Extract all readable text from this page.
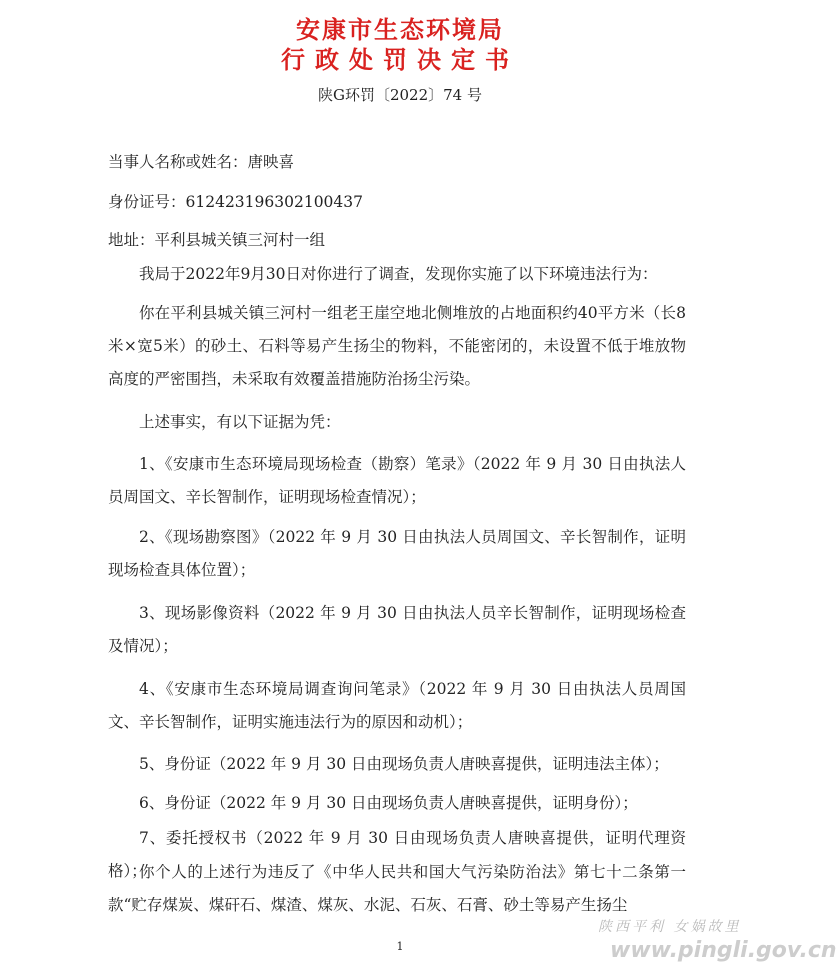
安康市生态环境局
行政处罚决定书
陕G环罚〔2022〕74 号
当事人名称或姓名：唐映喜
身份证号：612423196302100437
地址：平利县城关镇三河村一组
我局于2022年9月30日对你进行了调查，发现你实施了以下环境违法行为：
你在平利县城关镇三河村一组老王崖空地北侧堆放的占地面积约40平方米（长8米×宽5米）的砂土、石料等易产生扬尘的物料，不能密闭的，未设置不低于堆放物高度的严密围挡，未采取有效覆盖措施防治扬尘污染。
上述事实，有以下证据为凭：
1、《安康市生态环境局现场检查（勘察）笔录》（2022 年 9 月 30 日由执法人员周国文、辛长智制作，证明现场检查情况）；
2、《现场勘察图》（2022 年 9 月 30 日由执法人员周国文、辛长智制作，证明现场检查具体位置）；
3、现场影像资料（2022 年 9 月 30 日由执法人员辛长智制作，证明现场检查及情况）；
4、《安康市生态环境局调查询问笔录》（2022 年 9 月 30 日由执法人员周国文、辛长智制作，证明实施违法行为的原因和动机）；
5、身份证（2022 年 9 月 30 日由现场负责人唐映喜提供，证明违法主体）；
6、身份证（2022 年 9 月 30 日由现场负责人唐映喜提供，证明身份）；
7、委托授权书（2022 年 9 月 30 日由现场负责人唐映喜提供，证明代理资格）；
你个人的上述行为违反了《中华人民共和国大气污染防治法》第七十二条第一款“贮存煤炭、煤矸石、煤渣、煤灰、水泥、石灰、石膏、砂土等易产生扬尘
1
陕西平利 女娲故里
www.pingli.gov.cn
